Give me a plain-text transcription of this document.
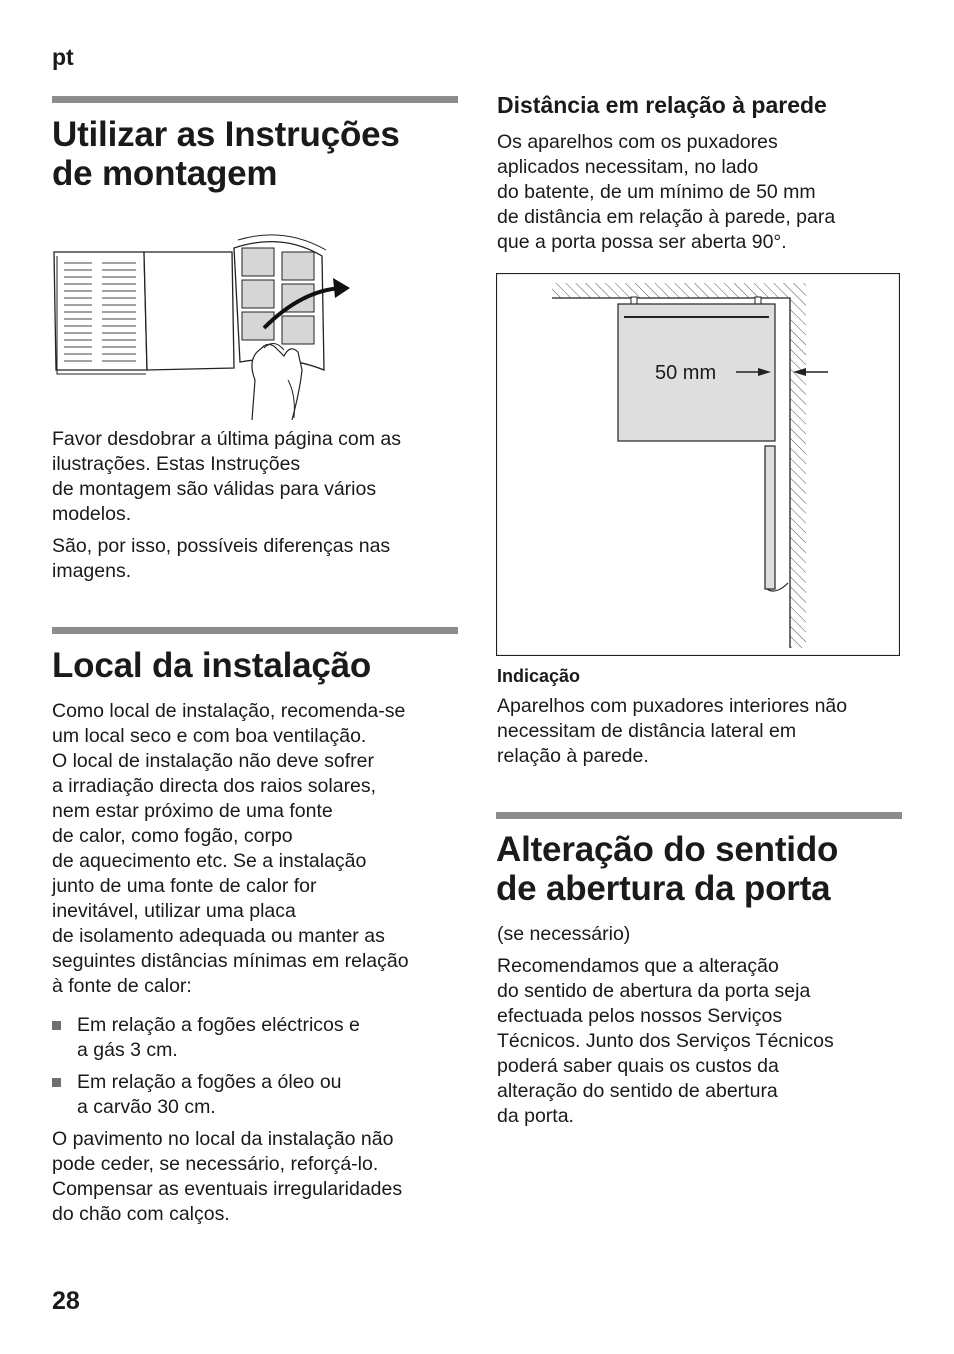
pt
Utilizar as Instruções
de montagem
Favor desdobrar a última página com as
ilustrações. Estas Instruções
de montagem são válidas para vários
modelos.
São, por isso, possíveis diferenças nas
imagens.
Local da instalação
Como local de instalação, recomenda-se
um local seco e com boa ventilação.
O local de instalação não deve sofrer
a irradiação directa dos raios solares,
nem estar próximo de uma fonte
de calor, como fogão, corpo
de aquecimento etc. Se a instalação
junto de uma fonte de calor for
inevitável, utilizar uma placa
de isolamento adequada ou manter as
seguintes distâncias mínimas em relação
à fonte de calor:
Em relação a fogões eléctricos e
a gás 3 cm.
Em relação a fogões a óleo ou
a carvão 30 cm.
O pavimento no local da instalação não
pode ceder, se necessário, reforçá-lo.
Compensar as eventuais irregularidades
do chão com calços.
28
Distância em relação à parede
Os aparelhos com os puxadores
aplicados necessitam, no lado
do batente, de um mínimo de 50 mm
de distância em relação à parede, para
que a porta possa ser aberta 90°.
50 mm
Indicação
Aparelhos com puxadores interiores não
necessitam de distância lateral em
relação à parede.
Alteração do sentido
de abertura da porta
(se necessário)
Recomendamos que a alteração
do sentido de abertura da porta seja
efectuada pelos nossos Serviços
Técnicos. Junto dos Serviços Técnicos
poderá saber quais os custos da
alteração do sentido de abertura
da porta.
